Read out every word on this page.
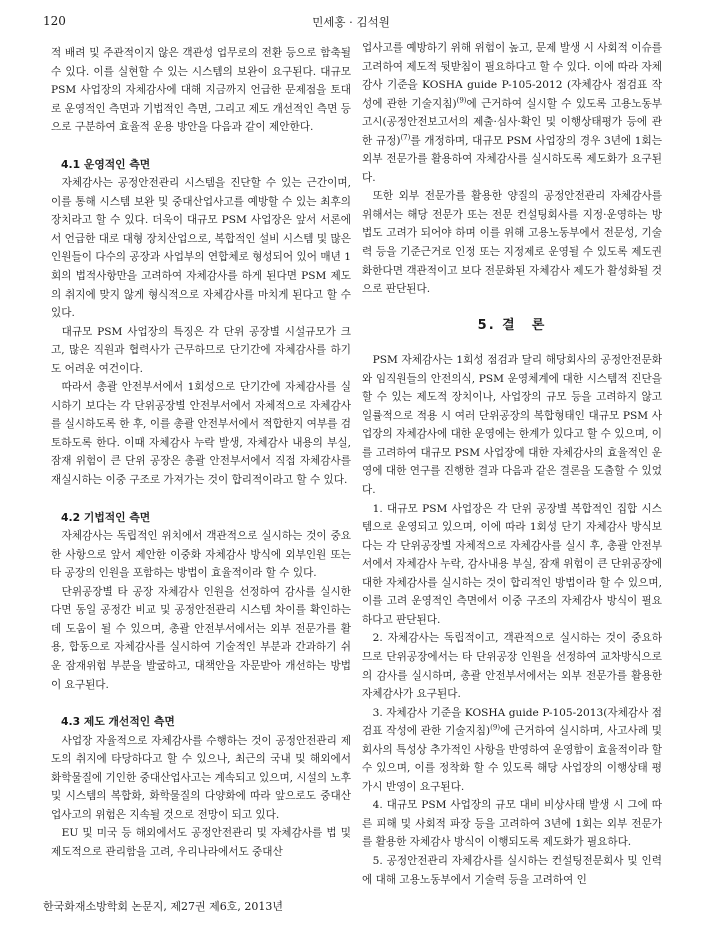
120	민세홍 · 김석원

적 배려 및 주관적이지 않은 객관성 업무로의 전환 등으로 함축될 수 있다. 이를 실현할 수 있는 시스템의 보완이 요구된다. 대규모 PSM 사업장의 자체감사에 대해 지금까지 언급한 문제점을 토대로 운영적인 측면과 기법적인 측면, 그리고 제도 개선적인 측면 등으로 구분하여 효율적 운용 방안을 다음과 같이 제안한다.

4.1 운영적인 측면

자체감사는 공정안전관리 시스템을 진단할 수 있는 근간이며, 이를 통해 시스템 보완 및 중대산업사고를 예방할 수 있는 최후의 장치라고 할 수 있다. 더욱이 대규모 PSM 사업장은 앞서 서론에서 언급한 대로 대형 장치산업으로, 복합적인 설비 시스템 및 많은 인원들이 다수의 공장과 사업부의 연합체로 형성되어 있어 매년 1회의 법적사항만을 고려하여 자체감사를 하게 된다면 PSM 제도의 취지에 맞지 않게 형식적으로 자체감사를 마치게 된다고 할 수 있다.

대규모 PSM 사업장의 특징은 각 단위 공장별 시설규모가 크고, 많은 직원과 협력사가 근무하므로 단기간에 자체감사를 하기도 어려운 여건이다.

따라서 총괄 안전부서에서 1회성으로 단기간에 자체감사를 실시하기 보다는 각 단위공장별 안전부서에서 자체적으로 자체감사를 실시하도록 한 후, 이를 총괄 안전부서에서 적합한지 여부를 검토하도록 한다. 이때 자체감사 누락 발생, 자체감사 내용의 부실, 잠재 위험이 큰 단위 공장은 총괄 안전부서에서 직접 자체감사를 재실시하는 이중 구조로 가져가는 것이 합리적이라고 할 수 있다.

4.2 기법적인 측면

자체감사는 독립적인 위치에서 객관적으로 실시하는 것이 중요한 사항으로 앞서 제안한 이중화 자체감사 방식에 외부인원 또는 타 공장의 인원을 포함하는 방법이 효율적이라 할 수 있다.

단위공장별 타 공장 자체감사 인원을 선정하여 감사를 실시한다면 동일 공정간 비교 및 공정안전관리 시스템 차이를 확인하는데 도움이 될 수 있으며, 총괄 안전부서에서는 외부 전문가를 활용, 합동으로 자체감사를 실시하여 기술적인 부분과 간과하기 쉬운 잠재위험 부분을 발굴하고, 대책안을 자문받아 개선하는 방법이 요구된다.

4.3 제도 개선적인 측면

사업장 자율적으로 자체감사를 수행하는 것이 공정안전관리 제도의 취지에 타당하다고 할 수 있으나, 최근의 국내 및 해외에서 화학물질에 기인한 중대산업사고는 계속되고 있으며, 시설의 노후 및 시스템의 복합화, 화학물질의 다양화에 따라 앞으로도 중대산업사고의 위험은 지속될 것으로 전망이 되고 있다.

EU 및 미국 등 해외에서도 공정안전관리 및 자체감사를 법 및 제도적으로 관리함을 고려, 우리나라에서도 중대산

업사고를 예방하기 위해 위험이 높고, 문제 발생 시 사회적 이슈를 고려하여 제도적 뒷받침이 필요하다고 할 수 있다. 이에 따라 자체감사 기준을 KOSHA guide P-105-2012 (자체감사 점검표 작성에 관한 기술지침)$^{(9)}$에 근거하여 실시할 수 있도록 고용노동부 고시(공정안전보고서의 제출·심사·확인 및 이행상태평가 등에 관한 규정)$^{(7)}$를 개정하며, 대규모 PSM 사업장의 경우 3년에 1회는 외부 전문가를 활용하여 자체감사를 실시하도록 제도화가 요구된다.

또한 외부 전문가를 활용한 양질의 공정안전관리 자체감사를 위해서는 해당 전문가 또는 전문 컨설팅회사를 지정·운영하는 방법도 고려가 되어야 하며 이를 위해 고용노동부에서 전문성, 기술력 등을 기준근거로 인정 또는 지정제로 운영될 수 있도록 제도권화한다면 객관적이고 보다 전문화된 자체감사 제도가 활성화될 것으로 판단된다.

5. 결　론

PSM 자체감사는 1회성 점검과 달리 해당회사의 공정안전문화와 임직원들의 안전의식, PSM 운영체계에 대한 시스템적 진단을 할 수 있는 제도적 장치이나, 사업장의 규모 등을 고려하지 않고 일률적으로 적용 시 여러 단위공장의 복합형태인 대규모 PSM 사업장의 자체감사에 대한 운영에는 한계가 있다고 할 수 있으며, 이를 고려하여 대규모 PSM 사업장에 대한 자체감사의 효율적인 운영에 대한 연구를 진행한 결과 다음과 같은 결론을 도출할 수 있었다.

1. 대규모 PSM 사업장은 각 단위 공장별 복합적인 집합 시스템으로 운영되고 있으며, 이에 따라 1회성 단기 자체감사 방식보다는 각 단위공장별 자체적으로 자체감사를 실시 후, 총괄 안전부서에서 자체감사 누락, 감사내용 부실, 잠재 위험이 큰 단위공장에 대한 자체감사를 실시하는 것이 합리적인 방법이라 할 수 있으며, 이를 고려 운영적인 측면에서 이중 구조의 자체감사 방식이 필요하다고 판단된다.

2. 자체감사는 독립적이고, 객관적으로 실시하는 것이 중요하므로 단위공장에서는 타 단위공장 인원을 선정하여 교차방식으로의 감사를 실시하며, 총괄 안전부서에서는 외부 전문가를 활용한 자체감사가 요구된다.

3. 자체감사 기준을 KOSHA guide P-105-2013(자체감사 점검표 작성에 관한 기술지침)$^{(9)}$에 근거하여 실시하며, 사고사례 및 회사의 특성상 추가적인 사항을 반영하여 운영함이 효율적이라 할 수 있으며, 이를 정착화 할 수 있도록 해당 사업장의 이행상태 평가시 반영이 요구된다.

4. 대규모 PSM 사업장의 규모 대비 비상사태 발생 시 그에 따른 피해 및 사회적 파장 등을 고려하여 3년에 1회는 외부 전문가를 활용한 자체감사 방식이 이행되도록 제도화가 필요하다.

5. 공정안전관리 자체감사를 실시하는 컨설팅전문회사 및 인력에 대해 고용노동부에서 기술력 등을 고려하여 인

한국화재소방학회 논문지, 제27권 제6호, 2013년
